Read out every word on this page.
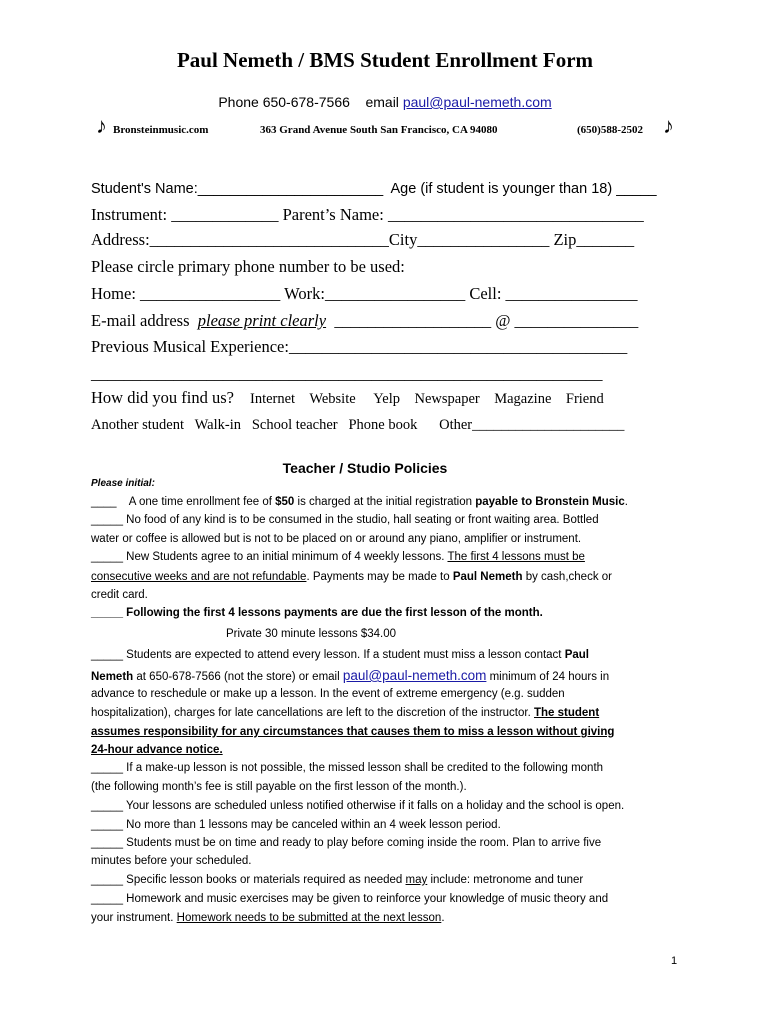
Paul Nemeth / BMS Student Enrollment Form
Phone 650-678-7566 email paul@paul-nemeth.com
♪ Bronsteinmusic.com	363 Grand Avenue South San Francisco, CA 94080	(650)588-2502 ♪
Student's Name:_______________________ Age (if student is younger than 18) _____
Instrument: _____________ Parent’s Name: _______________________________
Address:_____________________________City________________ Zip_______
Please circle primary phone number to be used:
Home: _________________ Work:_________________ Cell: ________________
E-mail address please print clearly ___________________ @ _______________
Previous Musical Experience:_________________________________________
______________________________________________________________
How did you find us? Internet    Website     Yelp    Newspaper    Magazine    Friend
Another student   Walk-in   School teacher   Phone book      Other_____________________
Teacher / Studio Policies
Please initial:
____ A one time enrollment fee of $50 is charged at the initial registration payable to Bronstein Music.
_____ No food of any kind is to be consumed in the studio, hall seating or front waiting area. Bottled
water or coffee is allowed but is not to be placed on or around any piano, amplifier or instrument.
_____ New Students agree to an initial minimum of 4 weekly lessons. The first 4 lessons must be
consecutive weeks and are not refundable. Payments may be made to Paul Nemeth by cash,check or
credit card.
_____ Following the first 4 lessons payments are due the first lesson of the month.
Private 30 minute lessons $34.00
_____ Students are expected to attend every lesson. If a student must miss a lesson contact Paul
Nemeth at 650-678-7566 (not the store) or email paul@paul-nemeth.com minimum of 24 hours in
advance to reschedule or make up a lesson. In the event of extreme emergency (e.g. sudden
hospitalization), charges for late cancellations are left to the discretion of the instructor. The student
assumes responsibility for any circumstances that causes them to miss a lesson without giving
24-hour advance notice.
_____ If a make-up lesson is not possible, the missed lesson shall be credited to the following month
(the following month’s fee is still payable on the first lesson of the month.).
_____ Your lessons are scheduled unless notified otherwise if it falls on a holiday and the school is open.
_____ No more than 1 lessons may be canceled within an 4 week lesson period.
_____ Students must be on time and ready to play before coming inside the room. Plan to arrive five
minutes before your scheduled.
_____ Specific lesson books or materials required as needed may include: metronome and tuner
_____ Homework and music exercises may be given to reinforce your knowledge of music theory and
your instrument. Homework needs to be submitted at the next lesson.
1
